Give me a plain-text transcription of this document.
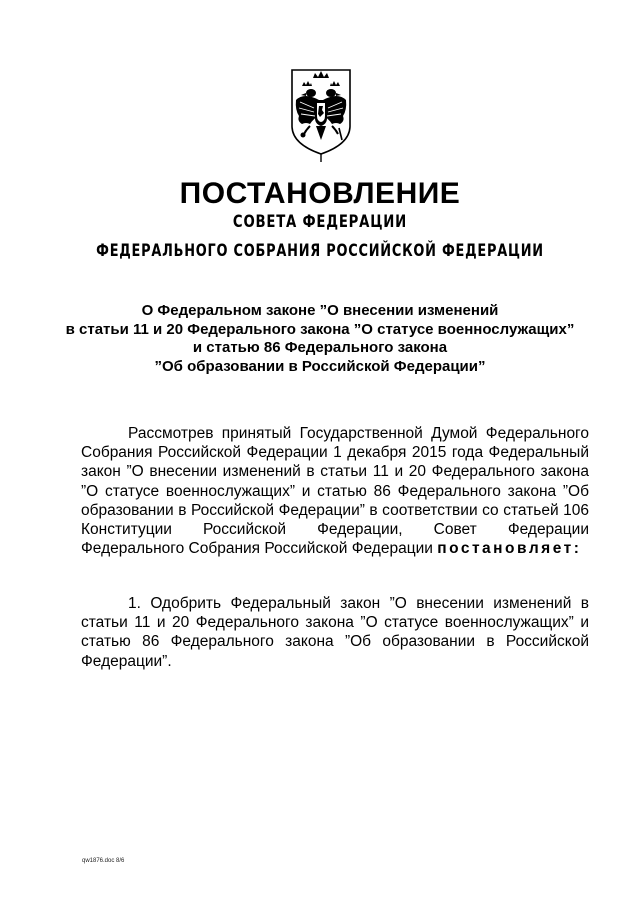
ПОСТАНОВЛЕНИЕ
СОВЕТА ФЕДЕРАЦИИ
ФЕДЕРАЛЬНОГО СОБРАНИЯ РОССИЙСКОЙ ФЕДЕРАЦИИ
О Федеральном законе ”О внесении изменений
в статьи 11 и 20 Федерального закона ”О статусе военнослужащих”
и статью 86 Федерального закона
”Об образовании в Российской Федерации”
Рассмотрев принятый Государственной Думой Федерального Собрания Российской Федерации 1 декабря 2015 года Федеральный закон ”О внесении изменений в статьи 11 и 20 Федерального закона ”О статусе военнослужащих” и статью 86 Федерального закона ”Об образовании в Российской Федерации” в соответствии со статьей 106 Конституции Российской Федерации, Совет Федерации Федерального Собрания Российской Федерации постановляет:
1. Одобрить Федеральный закон ”О внесении изменений в статьи 11 и 20 Федерального закона ”О статусе военнослужащих” и статью 86 Федерального закона ”Об образовании в Российской Федерации”.
qw1876.doc 8/6
